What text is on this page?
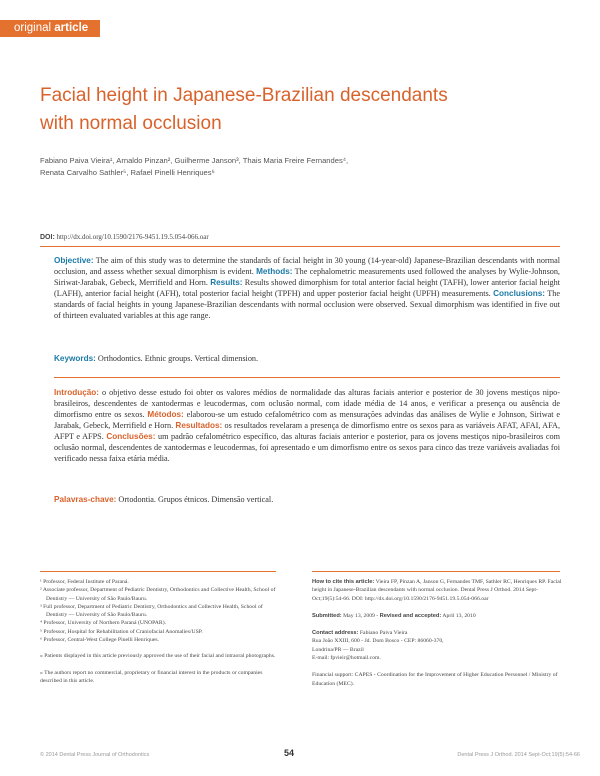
original article
Facial height in Japanese-Brazilian descendants
with normal occlusion
Fabiano Paiva Vieira¹, Arnaldo Pinzan², Guilherme Janson³, Thais Maria Freire Fernandes⁴,
Renata Carvalho Sathler⁵, Rafael Pinelli Henriques⁶
DOI: http://dx.doi.org/10.1590/2176-9451.19.5.054-066.oar
Objective: The aim of this study was to determine the standards of facial height in 30 young (14-year-old) Japanese-Brazilian descendants with normal occlusion, and assess whether sexual dimorphism is evident. Methods: The cephalometric measurements used followed the analyses by Wylie-Johnson, Siriwat-Jarabak, Gebeck, Merrifield and Horn. Results: Results showed dimorphism for total anterior facial height (TAFH), lower anterior facial height (LAFH), anterior facial height (AFH), total posterior facial height (TPFH) and upper posterior facial height (UPFH) measurements. Conclusions: The standards of facial heights in young Japanese-Brazilian descendants with normal occlusion were observed. Sexual dimorphism was identified in five out of thirteen evaluated variables at this age range.
Keywords: Orthodontics. Ethnic groups. Vertical dimension.
Introdução: o objetivo desse estudo foi obter os valores médios de normalidade das alturas faciais anterior e posterior de 30 jovens mestiços nipo-brasileiros, descendentes de xantodermas e leucodermas, com oclusão normal, com idade média de 14 anos, e verificar a presença ou ausência de dimorfismo entre os sexos. Métodos: elaborou-se um estudo cefalométrico com as mensurações advindas das análises de Wylie e Johnson, Siriwat e Jarabak, Gebeck, Merrifield e Horn. Resultados: os resultados revelaram a presença de dimorfismo entre os sexos para as variáveis AFAT, AFAI, AFA, AFPT e AFPS. Conclusões: um padrão cefalométrico específico, das alturas faciais anterior e posterior, para os jovens mestiços nipo-brasileiros com oclusão normal, descendentes de xantodermas e leucodermas, foi apresentado e um dimorfismo entre os sexos para cinco das treze variáveis avaliadas foi verificado nessa faixa etária média.
Palavras-chave: Ortodontia. Grupos étnicos. Dimensão vertical.

¹ Professor, Federal Institute of Paraná.
² Associate professor, Department of Pediatric Dentistry, Orthodontics and Collective Health, School of Dentistry — University of São Paulo/Bauru.
³ Full professor, Department of Pediatric Dentistry, Orthodontics and Collective Health, School of Dentistry — University of São Paulo/Bauru.
⁴ Professor, University of Northern Paraná (UNOPAR).
⁵ Professor, Hospital for Rehabilitation of Craniofacial Anomalies/USP.
⁶ Professor, Central-West College Pinelli Henriques.

» Patients displayed in this article previously approved the use of their facial and intraoral photographs.

» The authors report no commercial, proprietary or financial interest in the products or companies described in this article.

How to cite this article: Vieira FP, Pinzan A, Janson G, Fernandes TMF, Sathler RC, Henriques RP. Facial height in Japanese-Brazilian descendants with normal occlusion. Dental Press J Orthod. 2014 Sept-Oct;19(5):54-66. DOI: http://dx.doi.org/10.1590/2176-9451.19.5.054-066.oar

Submitted: May 13, 2009 - Revised and accepted: April 13, 2010

Contact address: Fabiano Paiva Vieira
Rua João XXIII, 600 - Jd. Dom Bosco - CEP: 86060-370,
Londrina/PR — Brazil
E-mail: fpvieir@hotmail.com.

Financial support: CAPES - Coordination for the Improvement of Higher Education Personnel / Ministry of Education (MEC).

© 2014 Dental Press Journal of Orthodontics	54	Dental Press J Orthod. 2014 Sept-Oct;19(5):54-66
